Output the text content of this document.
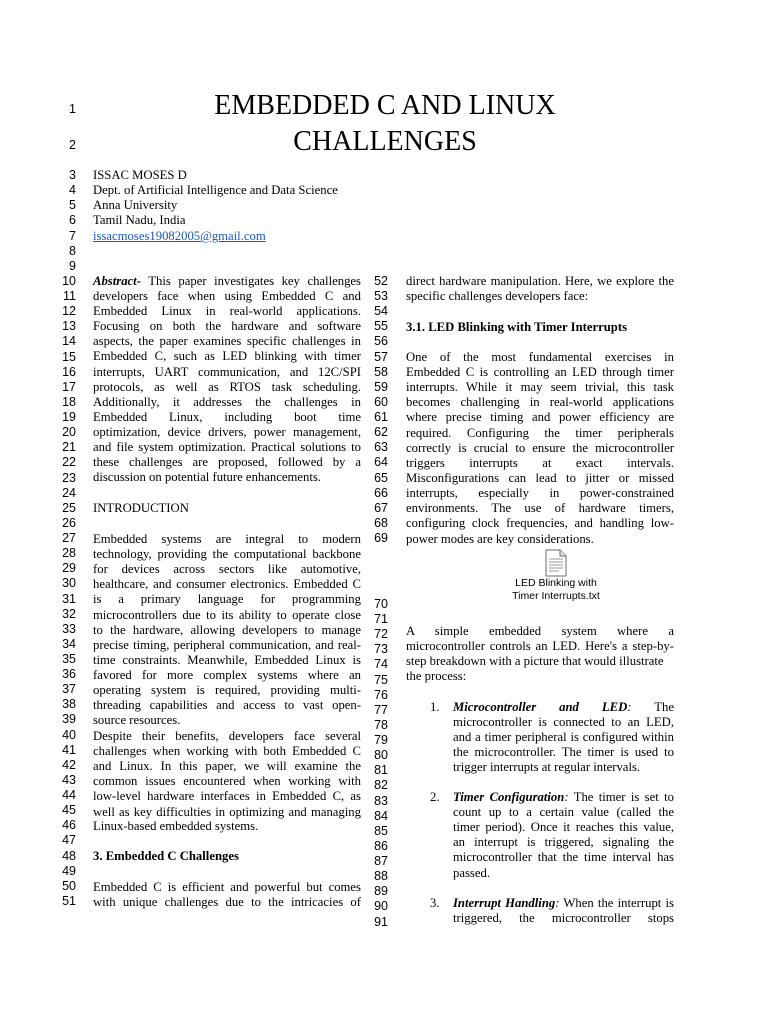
1	EMBEDDED C AND LINUX
2	CHALLENGES
3 ISSAC MOSES D
4 Dept. of Artificial Intelligence and Data Science
5 Anna University
6 Tamil Nadu, India
7 issacmoses19082005@gmail.com
8
9
10
11
12
13
14
15
16
17
18
19
20
21
22
23
24
25
26
27
28
29
30
31
32
33
34
35
36
37
38
39
40
41
42
43
44
45
46
47
48
49
50
51
52
53
54
55
56
57
58
59
60
61
62
63
64
65
66
67
68
69
70
71
72
73
74
75
76
77
78
79
80
81
82
83
84
85
86
87
88
89
90
91
Abstract- This paper investigates key challenges
developers face when using Embedded C and
Embedded Linux in real-world applications.
Focusing on both the hardware and software
aspects, the paper examines specific challenges in
Embedded C, such as LED blinking with timer
interrupts, UART communication, and 12C/SPI
protocols, as well as RTOS task scheduling.
Additionally, it addresses the challenges in
Embedded Linux, including boot time
optimization, device drivers, power management,
and file system optimization. Practical solutions to
these challenges are proposed, followed by a
discussion on potential future enhancements.
INTRODUCTION
Embedded systems are integral to modern
technology, providing the computational backbone
for devices across sectors like automotive,
healthcare, and consumer electronics. Embedded C
is a primary language for programming
microcontrollers due to its ability to operate close
to the hardware, allowing developers to manage
precise timing, peripheral communication, and real-
time constraints. Meanwhile, Embedded Linux is
favored for more complex systems where an
operating system is required, providing multi-
threading capabilities and access to vast open-
source resources.
Despite their benefits, developers face several
challenges when working with both Embedded C
and Linux. In this paper, we will examine the
common issues encountered when working with
low-level hardware interfaces in Embedded C, as
well as key difficulties in optimizing and managing
Linux-based embedded systems.
3. Embedded C Challenges
Embedded C is efficient and powerful but comes
with unique challenges due to the intricacies of
direct hardware manipulation. Here, we explore the
specific challenges developers face:
3.1. LED Blinking with Timer Interrupts
One of the most fundamental exercises in
Embedded C is controlling an LED through timer
interrupts. While it may seem trivial, this task
becomes challenging in real-world applications
where precise timing and power efficiency are
required. Configuring the timer peripherals
correctly is crucial to ensure the microcontroller
triggers interrupts at exact intervals.
Misconfigurations can lead to jitter or missed
interrupts, especially in power-constrained
environments. The use of hardware timers,
configuring clock frequencies, and handling low-
power modes are key considerations.
LED Blinking with
Timer Interrupts.txt
A simple embedded system where a
microcontroller controls an LED. Here's a step-by-
step breakdown with a picture that would illustrate
the process:
1. Microcontroller and LED: The
microcontroller is connected to an LED,
and a timer peripheral is configured within
the microcontroller. The timer is used to
trigger interrupts at regular intervals.
2. Timer Configuration: The timer is set to
count up to a certain value (called the
timer period). Once it reaches this value,
an interrupt is triggered, signaling the
microcontroller that the time interval has
passed.
3. Interrupt Handling: When the interrupt is
triggered, the microcontroller stops
